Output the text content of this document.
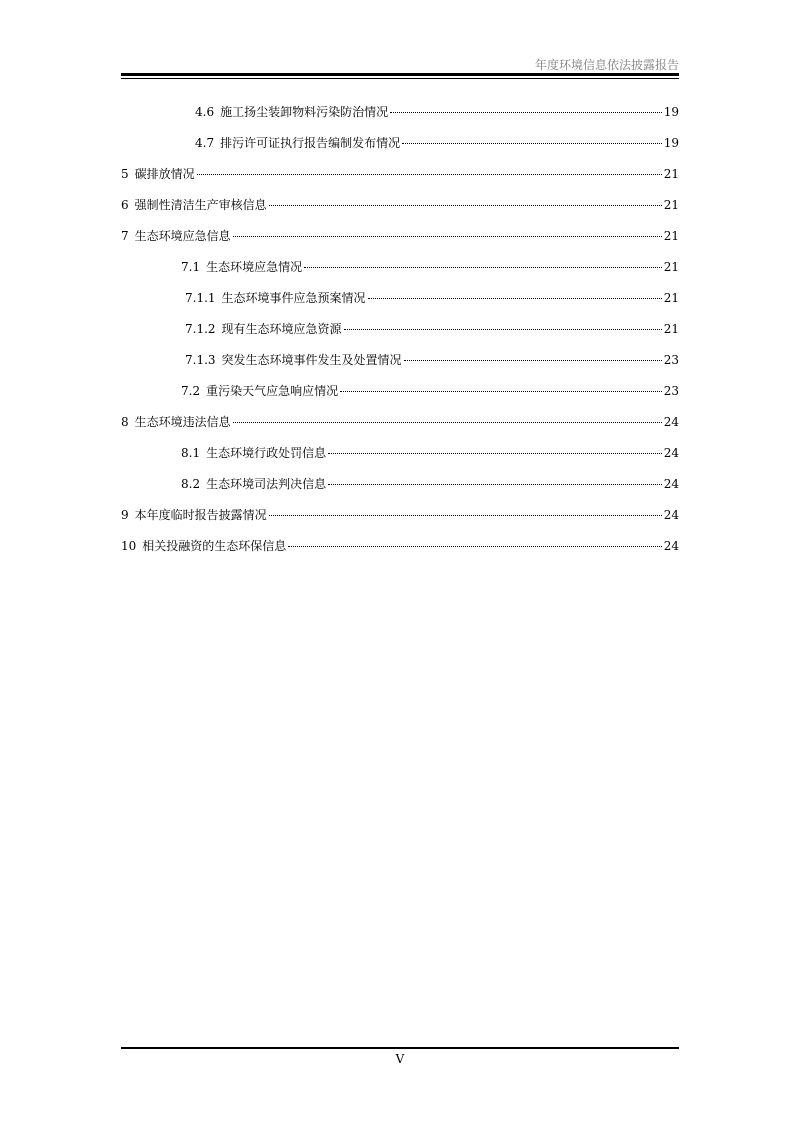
年度环境信息依法披露报告
4.6 施工扬尘装卸物料污染防治情况	19
4.7 排污许可证执行报告编制发布情况	19
5 碳排放情况	21
6 强制性清洁生产审核信息	21
7 生态环境应急信息	21
7.1 生态环境应急情况	21
7.1.1 生态环境事件应急预案情况	21
7.1.2 现有生态环境应急资源	21
7.1.3 突发生态环境事件发生及处置情况	23
7.2 重污染天气应急响应情况	23
8 生态环境违法信息	24
8.1 生态环境行政处罚信息	24
8.2 生态环境司法判决信息	24
9 本年度临时报告披露情况	24
10 相关投融资的生态环保信息	24
V
